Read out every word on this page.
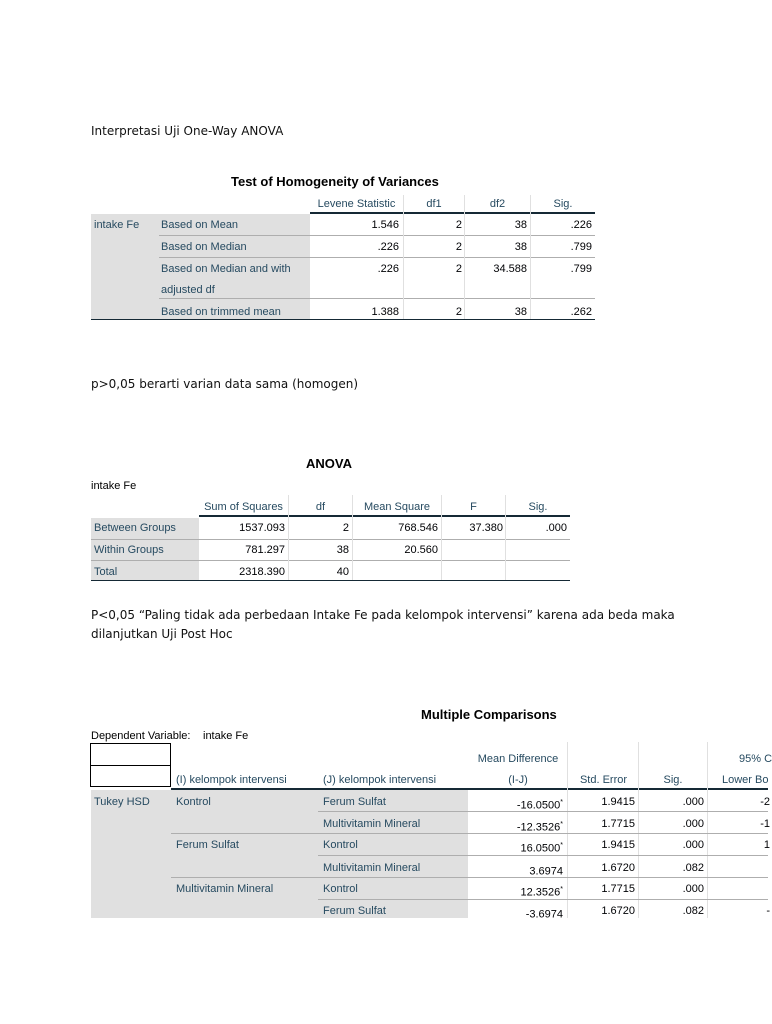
Interpretasi Uji One-Way ANOVA
Test of Homogeneity of Variances
Levene Statistic	df1	df2	Sig.
intake Fe Based on Mean	1.546	2	38	.226
Based on Median	.226	2	38	.799
Based on Median and with
adjusted df
.226	2	34.588	.799
Based on trimmed mean	1.388	2	38	.262
p>0,05 berarti varian data sama (homogen)
ANOVA
intake Fe
Sum of Squares	df	Mean Square	F	Sig.
Between Groups	1537.093	2	768.546	37.380	.000
Within Groups	781.297	38	20.560
Total	2318.390	40
P<0,05 “Paling tidak ada perbedaan Intake Fe pada kelompok intervensi” karena ada beda maka
dilanjutkan Uji Post Hoc
Multiple Comparisons
Dependent Variable: intake Fe
Mean Difference
(I-J)
(I) kelompok intervensi	(J) kelompok intervensi	Std. Error	Sig.
95% C
Lower Bo
Tukey HSD Kontrol	Ferum Sulfat	-16.0500*	1.9415	.000	-2
Multivitamin Mineral	-12.3526*	1.7715	.000	-1
Ferum Sulfat	Kontrol	16.0500*	1.9415	.000	1
Multivitamin Mineral	3.6974	1.6720	.082
Multivitamin Mineral	Kontrol	12.3526*	1.7715	.000
Ferum Sulfat	-3.6974	1.6720	.082	-
